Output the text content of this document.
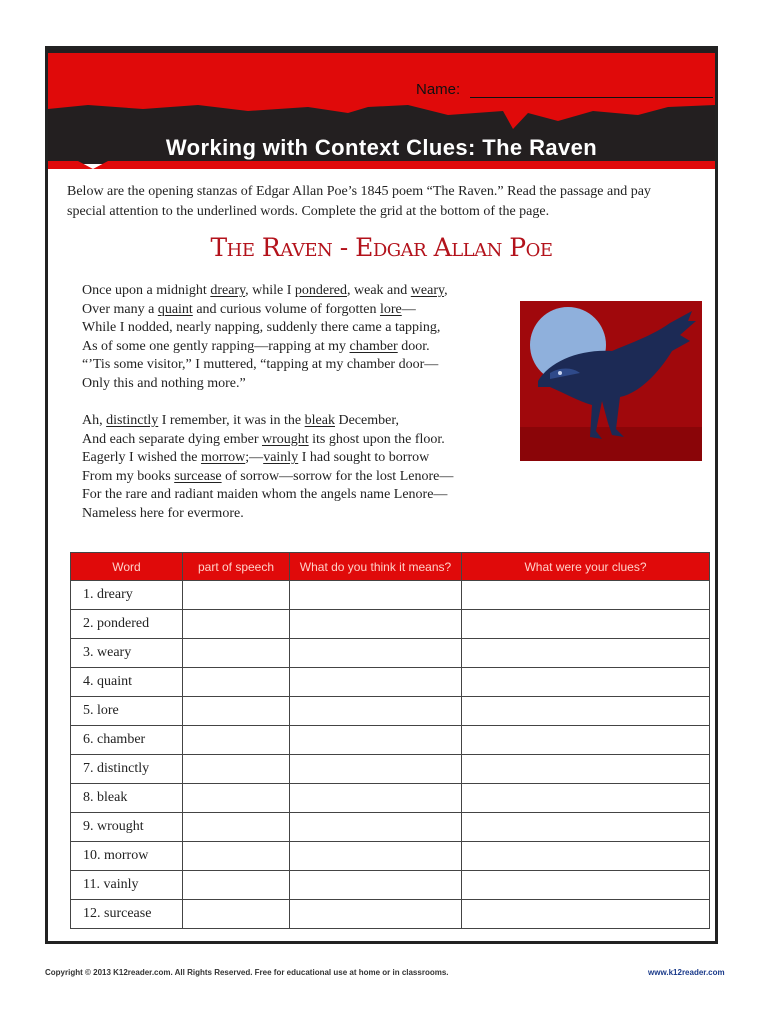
Name:
Working with Context Clues: The Raven
Below are the opening stanzas of Edgar Allan Poe’s 1845 poem “The Raven.” Read the passage and pay
special attention to the underlined words. Complete the grid at the bottom of the page.
The Raven - Edgar Allan Poe
Once upon a midnight dreary, while I pondered, weak and weary,
Over many a quaint and curious volume of forgotten lore—
While I nodded, nearly napping, suddenly there came a tapping,
As of some one gently rapping—rapping at my chamber door.
“’Tis some visitor,” I muttered, “tapping at my chamber door—
Only this and nothing more.”
Ah, distinctly I remember, it was in the bleak December,
And each separate dying ember wrought its ghost upon the floor.
Eagerly I wished the morrow;—vainly I had sought to borrow
From my books surcease of sorrow—sorrow for the lost Lenore—
For the rare and radiant maiden whom the angels name Lenore—
Nameless here for evermore.
Word	part of speech	What do you think it means?	What were your clues?
1. dreary			
2. pondered			
3. weary			
4. quaint			
5. lore			
6. chamber			
7. distinctly			
8. bleak			
9. wrought			
10. morrow			
11. vainly			
12. surcease			
Copyright © 2013 K12reader.com. All Rights Reserved. Free for educational use at home or in classrooms.	www.k12reader.com
